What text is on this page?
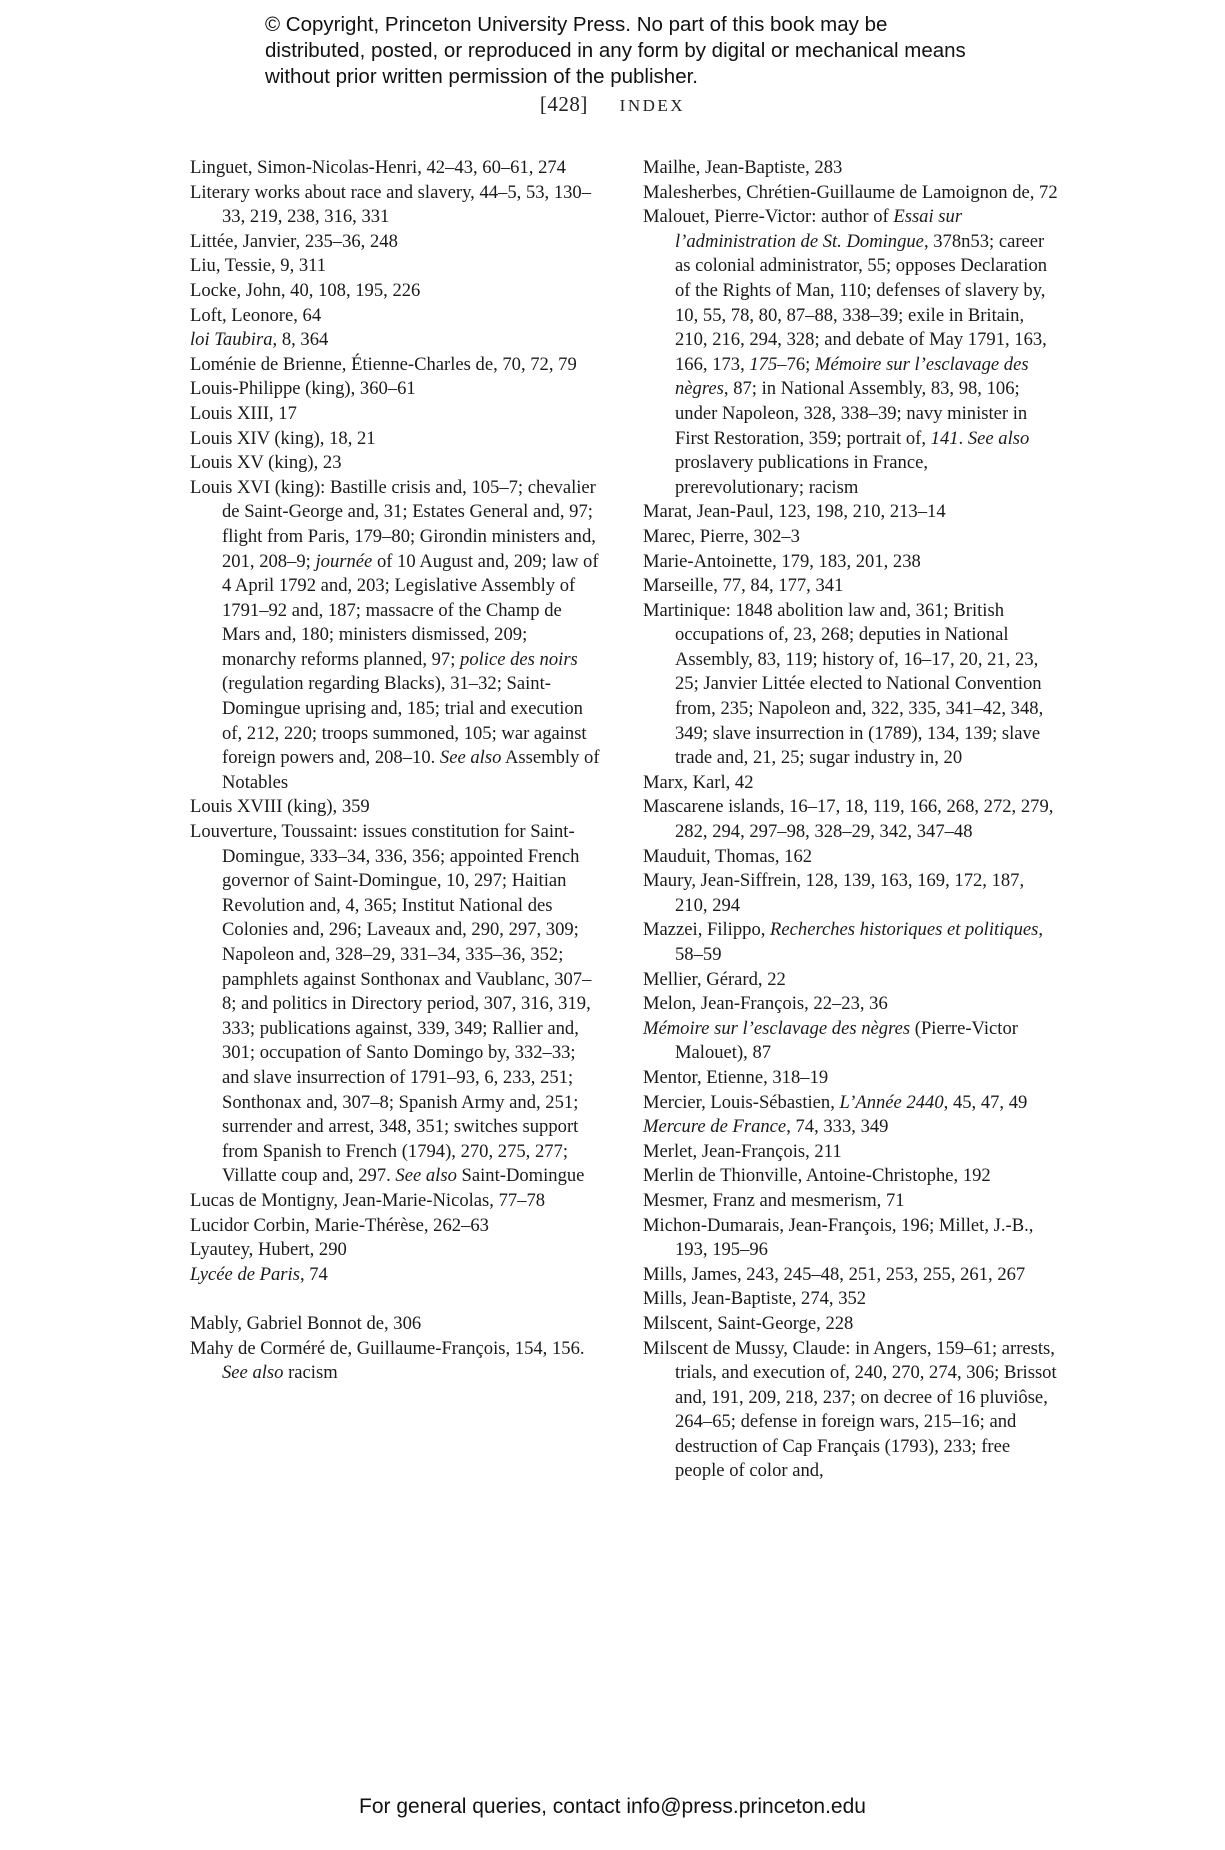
© Copyright, Princeton University Press. No part of this book may be distributed, posted, or reproduced in any form by digital or mechanical means without prior written permission of the publisher.
[428] INDEX
Linguet, Simon-Nicolas-Henri, 42–43, 60–61, 274
Literary works about race and slavery, 44–5, 53, 130–33, 219, 238, 316, 331
Littée, Janvier, 235–36, 248
Liu, Tessie, 9, 311
Locke, John, 40, 108, 195, 226
Loft, Leonore, 64
loi Taubira, 8, 364
Loménie de Brienne, Étienne-Charles de, 70, 72, 79
Louis-Philippe (king), 360–61
Louis XIII, 17
Louis XIV (king), 18, 21
Louis XV (king), 23
Louis XVI (king): Bastille crisis and, 105–7; chevalier de Saint-George and, 31; Estates General and, 97; flight from Paris, 179–80; Girondin ministers and, 201, 208–9; journée of 10 August and, 209; law of 4 April 1792 and, 203; Legislative Assembly of 1791–92 and, 187; massacre of the Champ de Mars and, 180; ministers dismissed, 209; monarchy reforms planned, 97; police des noirs (regulation regarding Blacks), 31–32; Saint-Domingue uprising and, 185; trial and execution of, 212, 220; troops summoned, 105; war against foreign powers and, 208–10. See also Assembly of Notables
Louis XVIII (king), 359
Louverture, Toussaint: issues constitution for Saint-Domingue, 333–34, 336, 356; appointed French governor of Saint-Domingue, 10, 297; Haitian Revolution and, 4, 365; Institut National des Colonies and, 296; Laveaux and, 290, 297, 309; Napoleon and, 328–29, 331–34, 335–36, 352; pamphlets against Sonthonax and Vaublanc, 307–8; and politics in Directory period, 307, 316, 319, 333; publications against, 339, 349; Rallier and, 301; occupation of Santo Domingo by, 332–33; and slave insurrection of 1791–93, 6, 233, 251; Sonthonax and, 307–8; Spanish Army and, 251; surrender and arrest, 348, 351; switches support from Spanish to French (1794), 270, 275, 277; Villatte coup and, 297. See also Saint-Domingue
Lucas de Montigny, Jean-Marie-Nicolas, 77–78
Lucidor Corbin, Marie-Thérèse, 262–63
Lyautey, Hubert, 290
Lycée de Paris, 74
Mably, Gabriel Bonnot de, 306
Mahy de Corméré de, Guillaume-François, 154, 156. See also racism
Mailhe, Jean-Baptiste, 283
Malesherbes, Chrétien-Guillaume de Lamoignon de, 72
Malouet, Pierre-Victor: author of Essai sur l’administration de St. Domingue, 378n53; career as colonial administrator, 55; opposes Declaration of the Rights of Man, 110; defenses of slavery by, 10, 55, 78, 80, 87–88, 338–39; exile in Britain, 210, 216, 294, 328; and debate of May 1791, 163, 166, 173, 175–76; Mémoire sur l’esclavage des nègres, 87; in National Assembly, 83, 98, 106; under Napoleon, 328, 338–39; navy minister in First Restoration, 359; portrait of, 141. See also proslavery publications in France, prerevolutionary; racism
Marat, Jean-Paul, 123, 198, 210, 213–14
Marec, Pierre, 302–3
Marie-Antoinette, 179, 183, 201, 238
Marseille, 77, 84, 177, 341
Martinique: 1848 abolition law and, 361; British occupations of, 23, 268; deputies in National Assembly, 83, 119; history of, 16–17, 20, 21, 23, 25; Janvier Littée elected to National Convention from, 235; Napoleon and, 322, 335, 341–42, 348, 349; slave insurrection in (1789), 134, 139; slave trade and, 21, 25; sugar industry in, 20
Marx, Karl, 42
Mascarene islands, 16–17, 18, 119, 166, 268, 272, 279, 282, 294, 297–98, 328–29, 342, 347–48
Mauduit, Thomas, 162
Maury, Jean-Siffrein, 128, 139, 163, 169, 172, 187, 210, 294
Mazzei, Filippo, Recherches historiques et politiques, 58–59
Mellier, Gérard, 22
Melon, Jean-François, 22–23, 36
Mémoire sur l’esclavage des nègres (Pierre-Victor Malouet), 87
Mentor, Etienne, 318–19
Mercier, Louis-Sébastien, L’Année 2440, 45, 47, 49
Mercure de France, 74, 333, 349
Merlet, Jean-François, 211
Merlin de Thionville, Antoine-Christophe, 192
Mesmer, Franz and mesmerism, 71
Michon-Dumarais, Jean-François, 196; Millet, J.-B., 193, 195–96
Mills, James, 243, 245–48, 251, 253, 255, 261, 267
Mills, Jean-Baptiste, 274, 352
Milscent, Saint-George, 228
Milscent de Mussy, Claude: in Angers, 159–61; arrests, trials, and execution of, 240, 270, 274, 306; Brissot and, 191, 209, 218, 237; on decree of 16 pluviôse, 264–65; defense in foreign wars, 215–16; and destruction of Cap Français (1793), 233; free people of color and,
For general queries, contact info@press.princeton.edu
